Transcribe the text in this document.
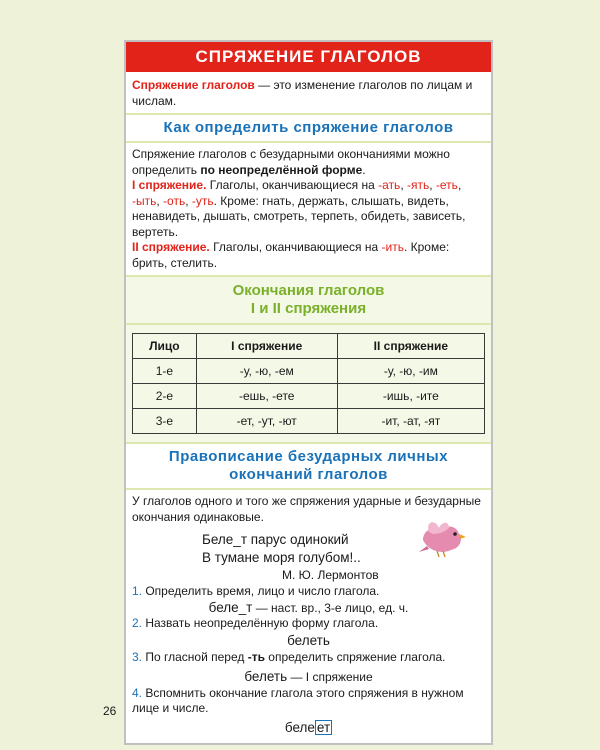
СПРЯЖЕНИЕ ГЛАГОЛОВ
Спряжение глаголов — это изменение глаголов по лицам и числам.
Как определить спряжение глаголов
Спряжение глаголов с безударными окончаниями можно определить по неопределённой форме.
I спряжение. Глаголы, оканчивающиеся на -ать, -ять, -еть, -ыть, -оть, -уть. Кроме: гнать, держать, слышать, видеть, ненавидеть, дышать, смотреть, терпеть, обидеть, зависеть, вертеть.
II спряжение. Глаголы, оканчивающиеся на -ить. Кроме: брить, стелить.
Окончания глаголов
I и II спряжения
Лицо	I спряжение	II спряжение
1-е	-у, -ю, -ем	-у, -ю, -им
2-е	-ешь, -ете	-ишь, -ите
3-е	-ет, -ут, -ют	-ит, -ат, -ят
Правописание безударных личных
окончаний глаголов
У глаголов одного и того же спряжения ударные и безударные окончания одинаковые.
Беле_т парус одинокий
В тумане моря голубом!..
М. Ю. Лермонтов
1. Определить время, лицо и число глагола.
беле_т — наст. вр., 3-е лицо, ед. ч.
2. Назвать неопределённую форму глагола.
белеть
3. По гласной перед -ть определить спряжение глагола.
белеть — I спряжение
4. Вспомнить окончание глагола этого спряжения в нужном лице и числе.
беле ет
26
